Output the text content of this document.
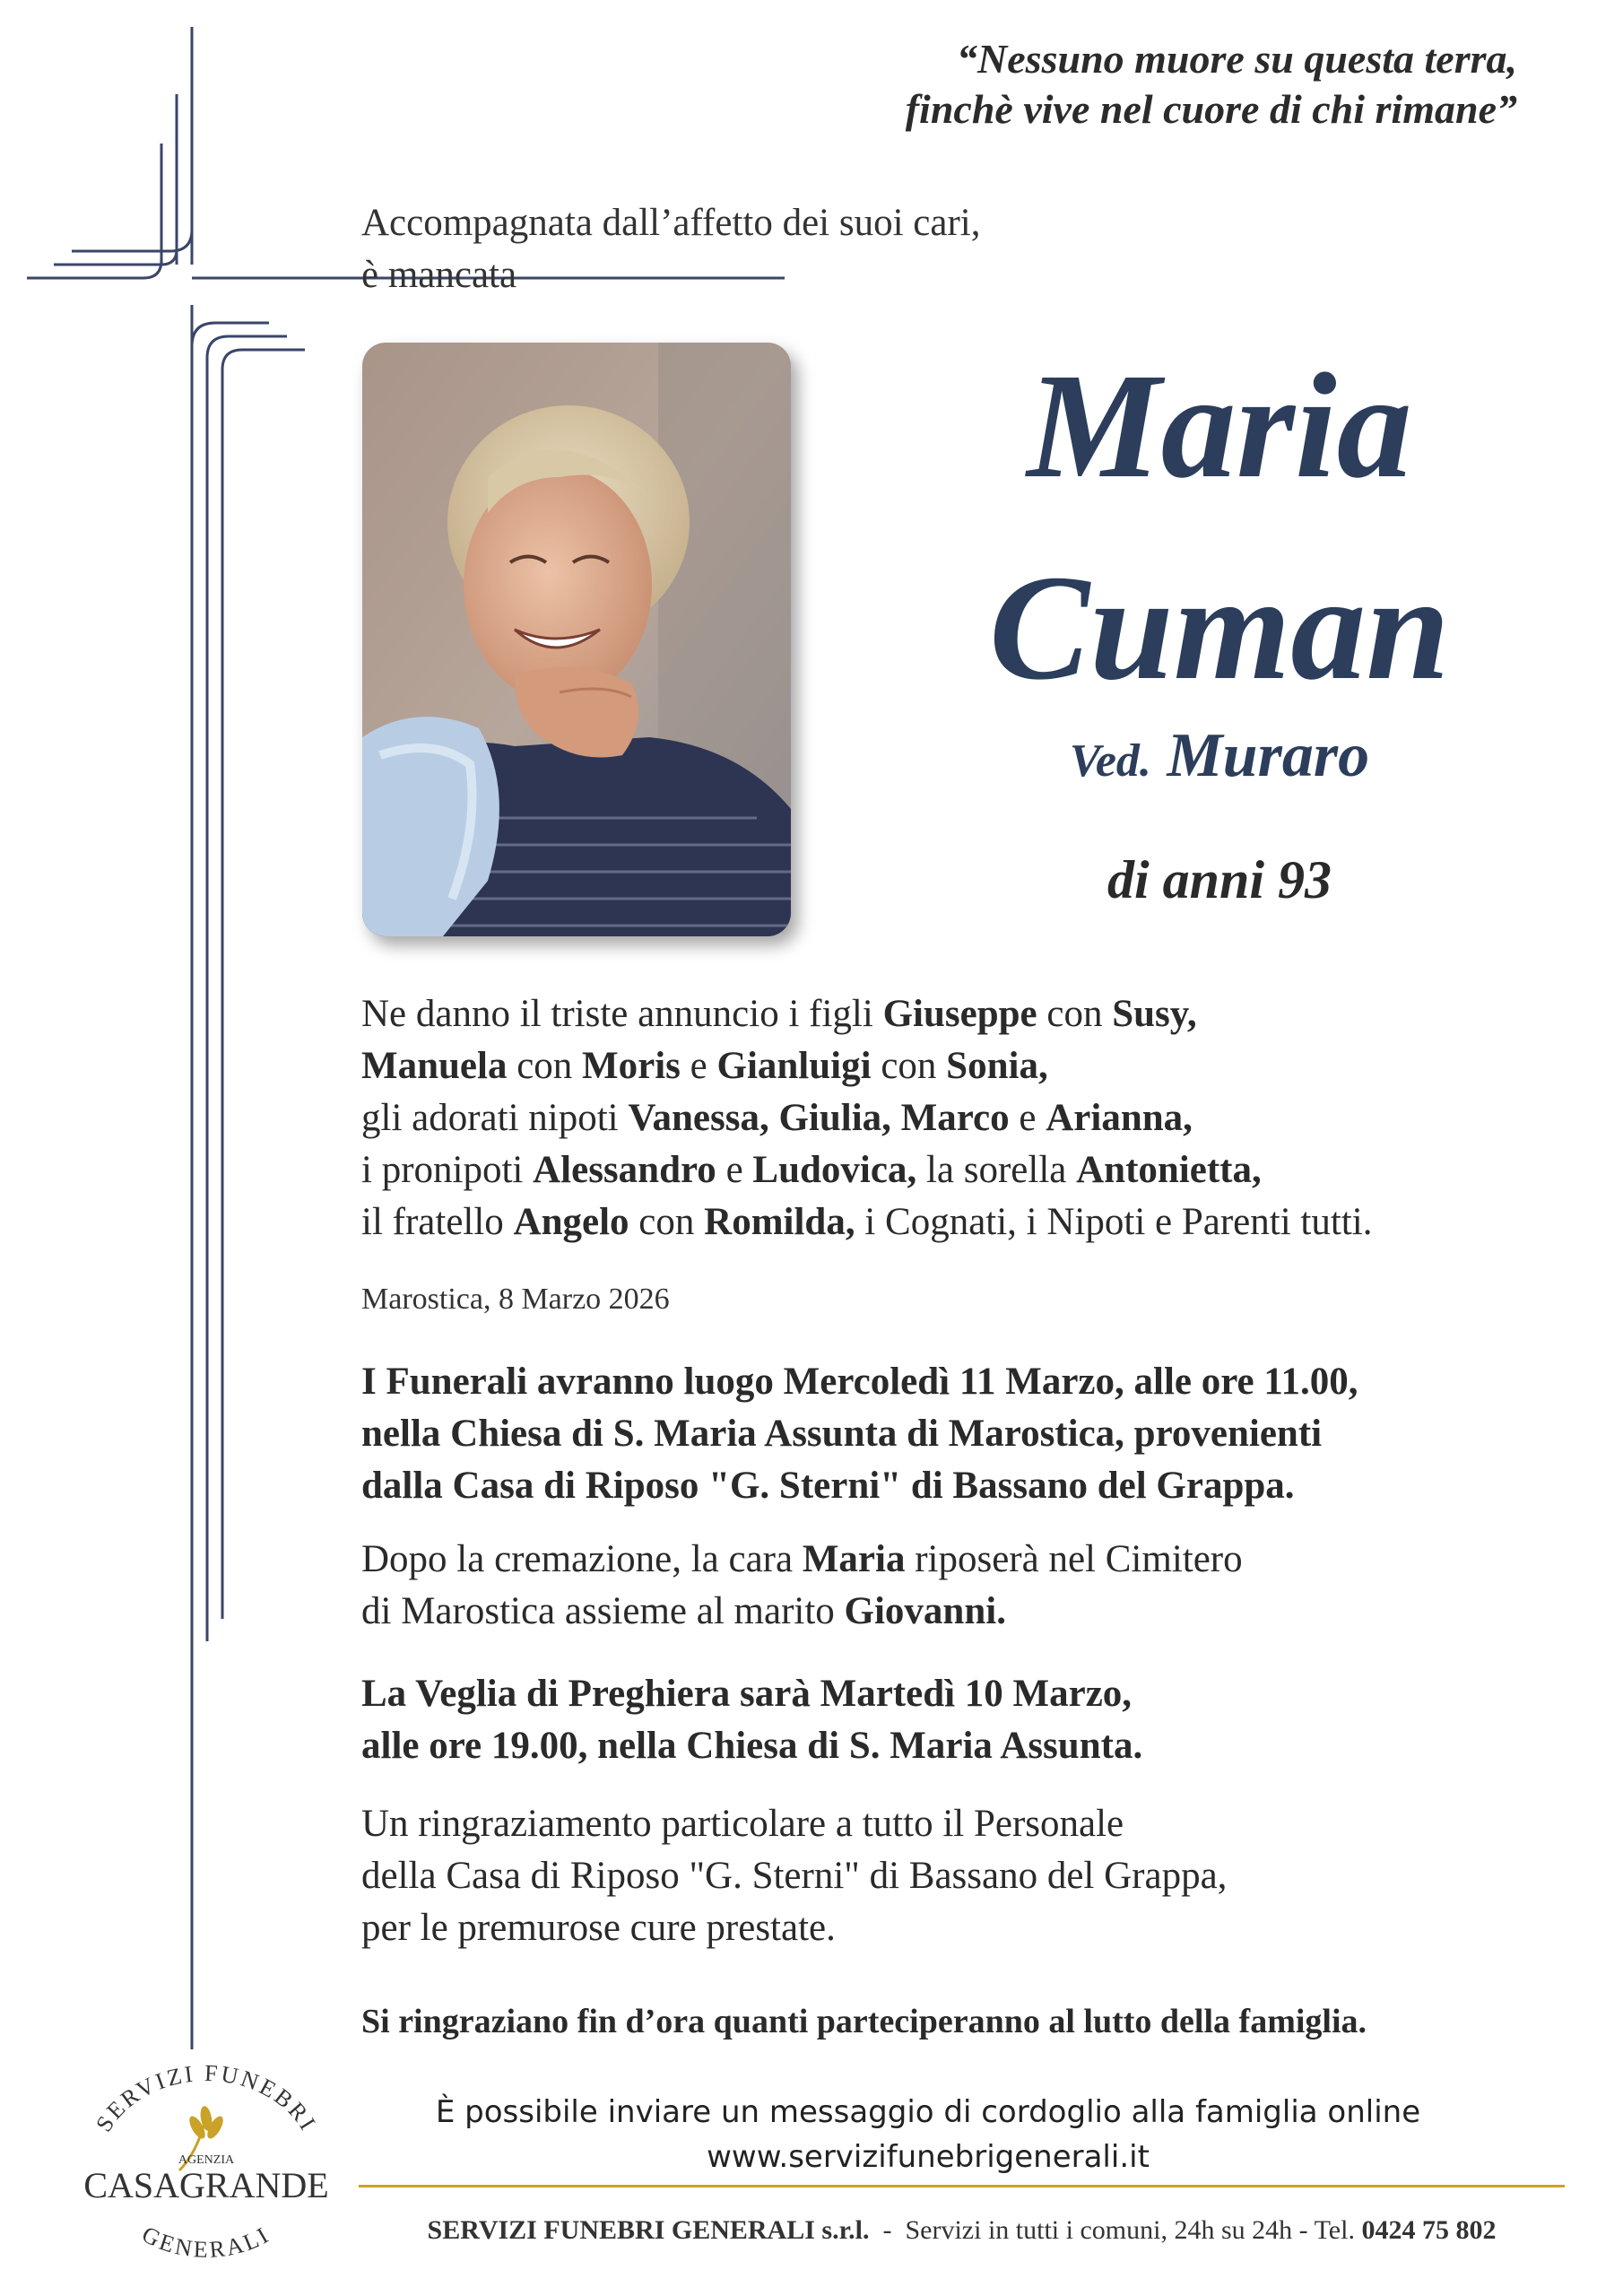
“Nessuno muore su questa terra,
finchè vive nel cuore di chi rimane”
Accompagnata dall’affetto dei suoi cari,
è mancata
Maria
Cuman
Ved. Muraro
di anni 93
Ne danno il triste annuncio i figli Giuseppe con Susy,
Manuela con Moris e Gianluigi con Sonia,
gli adorati nipoti Vanessa, Giulia, Marco e Arianna,
i pronipoti Alessandro e Ludovica, la sorella Antonietta,
il fratello Angelo con Romilda, i Cognati, i Nipoti e Parenti tutti.
Marostica, 8 Marzo 2026
I Funerali avranno luogo Mercoledì 11 Marzo, alle ore 11.00,
nella Chiesa di S. Maria Assunta di Marostica, provenienti
dalla Casa di Riposo "G. Sterni" di Bassano del Grappa.
Dopo la cremazione, la cara Maria riposerà nel Cimitero
di Marostica assieme al marito Giovanni.
La Veglia di Preghiera sarà Martedì 10 Marzo,
alle ore 19.00, nella Chiesa di S. Maria Assunta.
Un ringraziamento particolare a tutto il Personale
della Casa di Riposo "G. Sterni" di Bassano del Grappa,
per le premurose cure prestate.
Si ringraziano fin d’ora quanti parteciperanno al lutto della famiglia.
SERVIZI FUNEBRI
AGENZIA
CASAGRANDE
GENERALI
È possibile inviare un messaggio di cordoglio alla famiglia online
www.servizifunebrigenerali.it
SERVIZI FUNEBRI GENERALI s.r.l.  -  Servizi in tutti i comuni, 24h su 24h - Tel. 0424 75 802
